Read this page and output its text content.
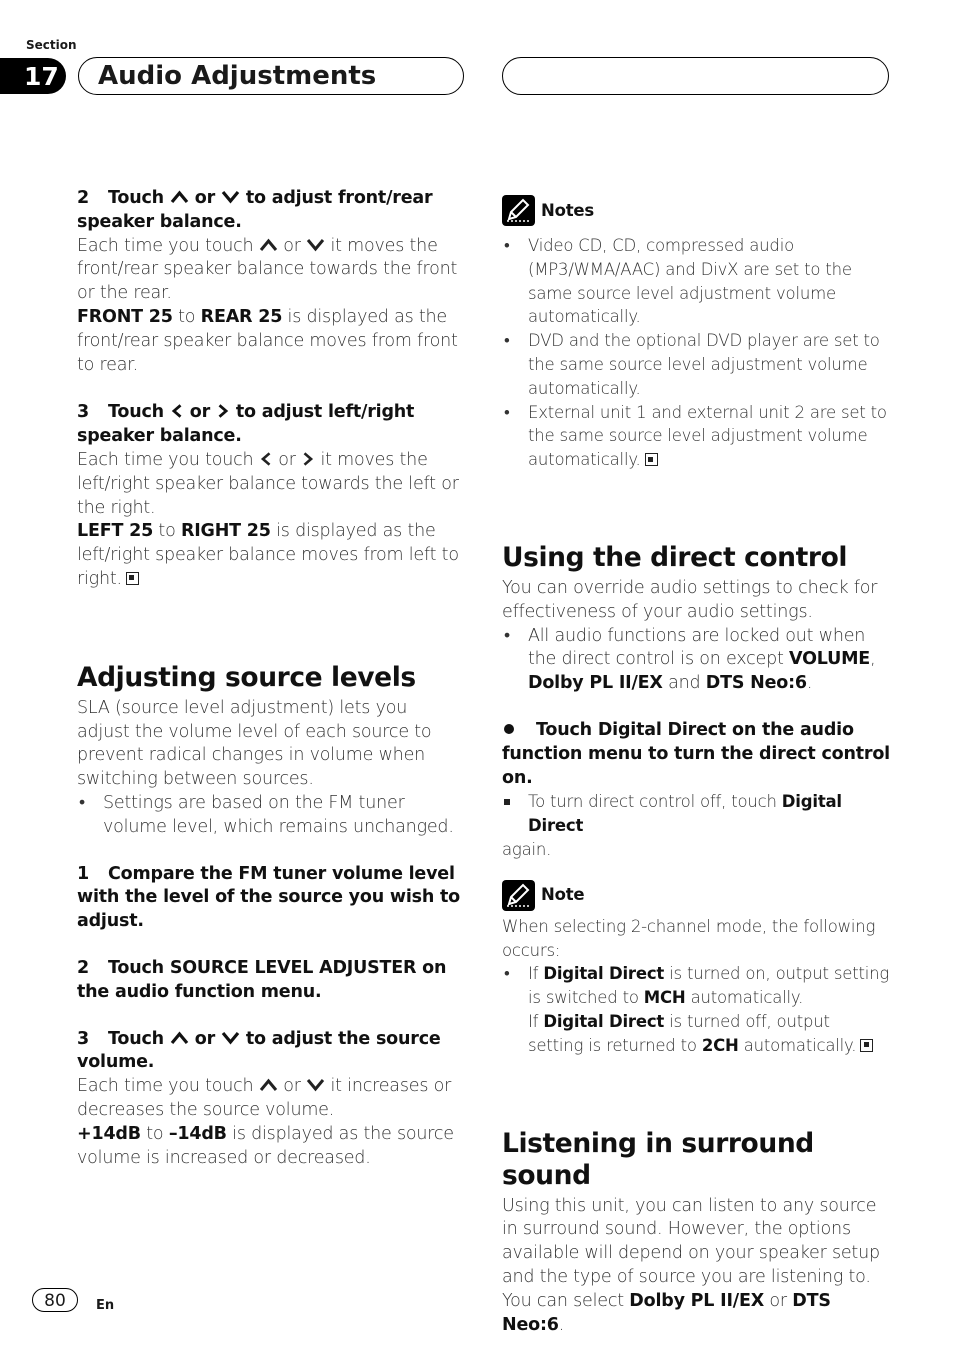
Section
17 Audio Adjustments

2 Touch or to adjust front/rear speaker balance.

Each time you touch or it moves the front/rear speaker balance towards the front or the rear.

FRONT 25 to REAR 25 is displayed as the front/rear speaker balance moves from front to rear.

3 Touch or to adjust left/right speaker balance.

Each time you touch or it moves the left/right speaker balance towards the left or the right.

LEFT 25 to RIGHT 25 is displayed as the left/right speaker balance moves from left to right.

Adjusting source levels

SLA (source level adjustment) lets you adjust the volume level of each source to prevent radical changes in volume when switching between sources.

• Settings are based on the FM tuner volume level, which remains unchanged.

1 Compare the FM tuner volume level with the level of the source you wish to adjust.

2 Touch SOURCE LEVEL ADJUSTER on the audio function menu.

3 Touch or to adjust the source volume.

Each time you touch or it increases or decreases the source volume.

+14dB to –14dB is displayed as the source volume is increased or decreased.

Notes
• Video CD, CD, compressed audio (MP3/WMA/AAC) and DivX are set to the same source level adjustment volume automatically.
• DVD and the optional DVD player are set to the same source level adjustment volume automatically.
• External unit 1 and external unit 2 are set to the same source level adjustment volume automatically.
Using the direct control

You can override audio settings to check for effectiveness of your audio settings.

• All audio functions are locked out when the direct control is on except VOLUME, Dolby PL II/EX and DTS Neo:6.

Touch Digital Direct on the audio function menu to turn the direct control on.

To turn direct control off, touch Digital Direct

again.

Note

When selecting 2-channel mode, the following occurs:

• If Digital Direct is turned on, output setting is switched to MCH automatically.
If Digital Direct is turned off, output setting is returned to 2CH automatically.
Listening in surround sound

Using this unit, you can listen to any source in surround sound. However, the options available will depend on your speaker setup and the type of source you are listening to.

You can select Dolby PL II/EX or DTS Neo:6.

80	En
